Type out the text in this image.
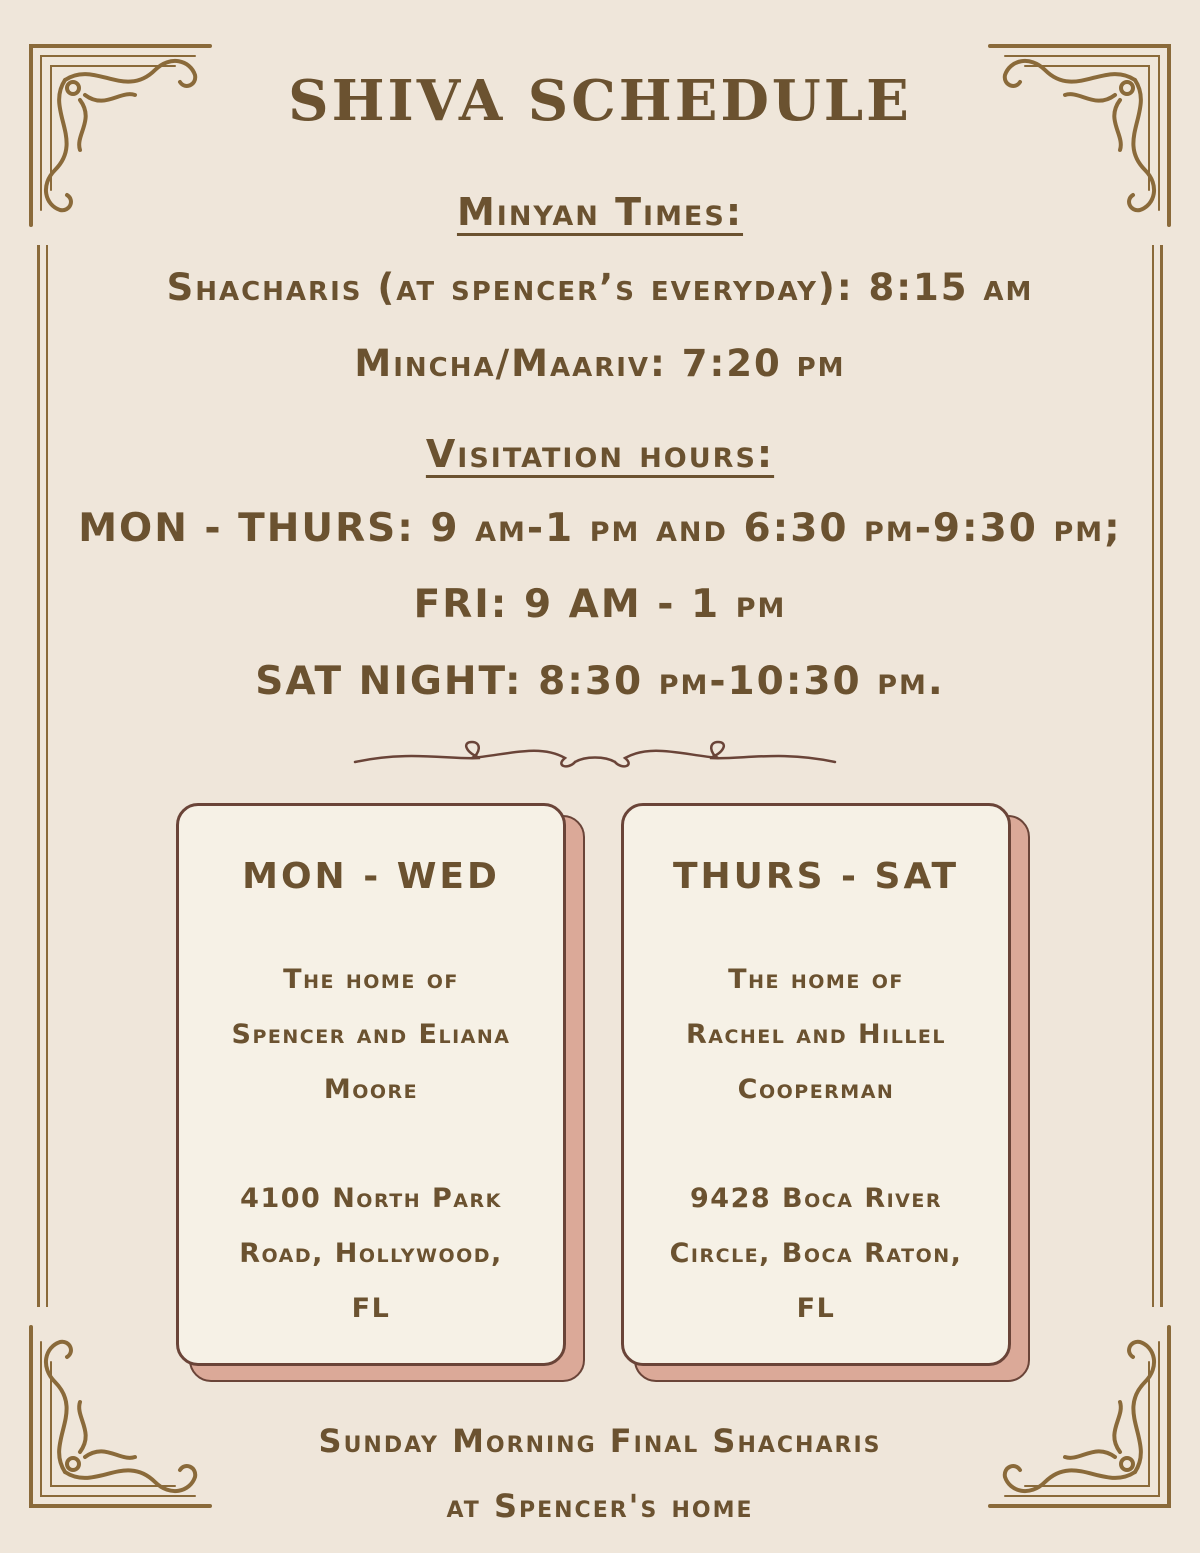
SHIVA SCHEDULE
Minyan Times:
Shacharis (at spencer’s everyday): 8:15 am
Mincha/Maariv: 7:20 pm
Visitation hours:
MON - THURS: 9 am-1 pm and 6:30 pm-9:30 pm;
FRI: 9 AM - 1 pm
SAT NIGHT: 8:30 pm-10:30 pm.
MON - WED
The home of
Spencer and Eliana
Moore
4100 North Park
Road, Hollywood,
FL
THURS - SAT
The home of
Rachel and Hillel
Cooperman
9428 Boca River
Circle, Boca Raton,
FL
Sunday Morning Final Shacharis
at Spencer's home
